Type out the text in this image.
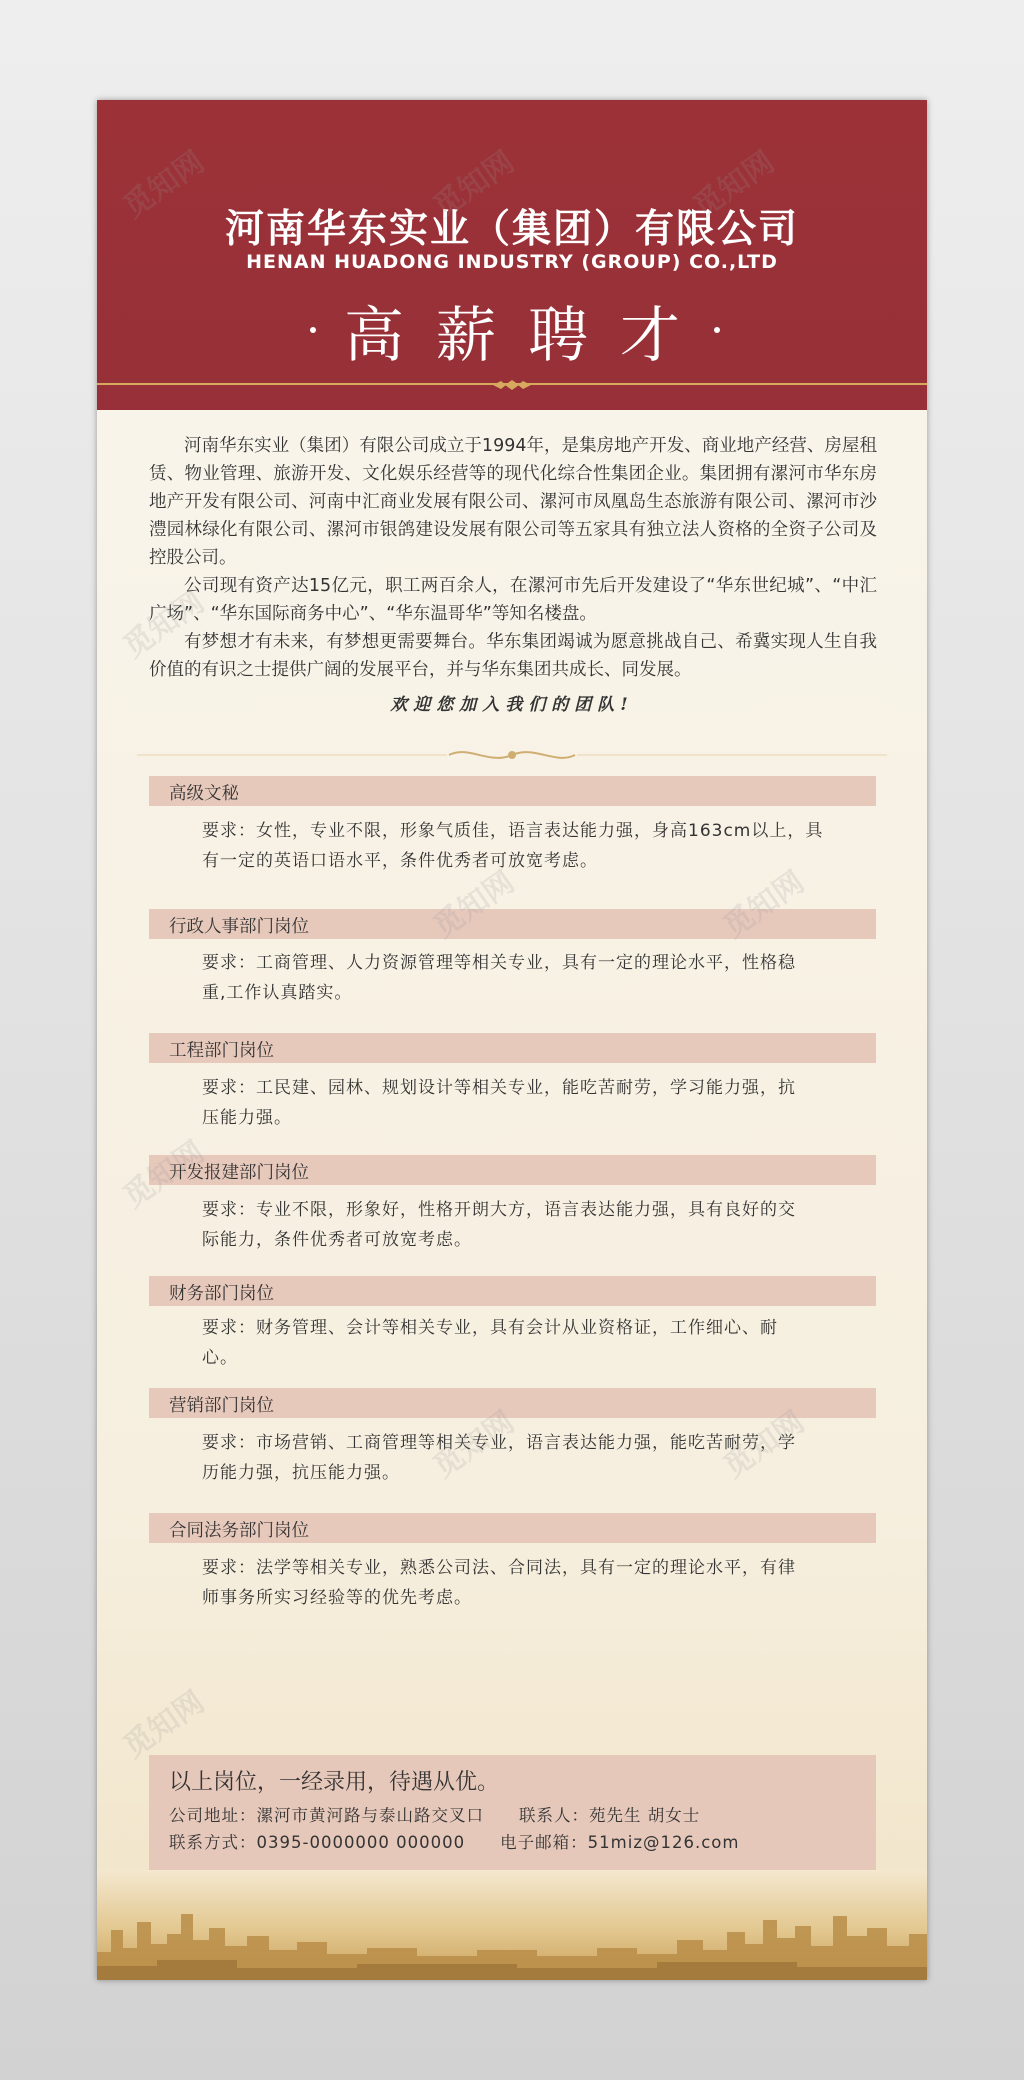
河南华东实业（集团）有限公司
HENAN HUADONG INDUSTRY (GROUP) CO.,LTD
高薪聘才

河南华东实业（集团）有限公司成立于1994年，是集房地产开发、商业地产经营、房屋租赁、物业管理、旅游开发、文化娱乐经营等的现代化综合性集团企业。集团拥有漯河市华东房地产开发有限公司、河南中汇商业发展有限公司、漯河市凤凰岛生态旅游有限公司、漯河市沙澧园林绿化有限公司、漯河市银鸽建设发展有限公司等五家具有独立法人资格的全资子公司及控股公司。

公司现有资产达15亿元，职工两百余人，在漯河市先后开发建设了“华东世纪城”、“中汇广场”、“华东国际商务中心”、“华东温哥华”等知名楼盘。

有梦想才有未来，有梦想更需要舞台。华东集团竭诚为愿意挑战自己、希冀实现人生自我价值的有识之士提供广阔的发展平台，并与华东集团共成长、同发展。

欢迎您加入我们的团队!
高级文秘
要求：女性，专业不限，形象气质佳，语言表达能力强，身高163cm以上，具
有一定的英语口语水平，条件优秀者可放宽考虑。
行政人事部门岗位
要求：工商管理、人力资源管理等相关专业，具有一定的理论水平，性格稳
重,工作认真踏实。
工程部门岗位
要求：工民建、园林、规划设计等相关专业，能吃苦耐劳，学习能力强，抗
压能力强。
开发报建部门岗位
要求：专业不限，形象好，性格开朗大方，语言表达能力强，具有良好的交
际能力，条件优秀者可放宽考虑。
财务部门岗位
要求：财务管理、会计等相关专业，具有会计从业资格证，工作细心、耐
心。
营销部门岗位
要求：市场营销、工商管理等相关专业，语言表达能力强，能吃苦耐劳，学
历能力强，抗压能力强。
合同法务部门岗位
要求：法学等相关专业，熟悉公司法、合同法，具有一定的理论水平，有律
师事务所实习经验等的优先考虑。
以上岗位，一经录用，待遇从优。
公司地址：漯河市黄河路与泰山路交叉口　　联系人：苑先生 胡女士
联系方式：0395-0000000 000000　　电子邮箱：51miz@126.com
